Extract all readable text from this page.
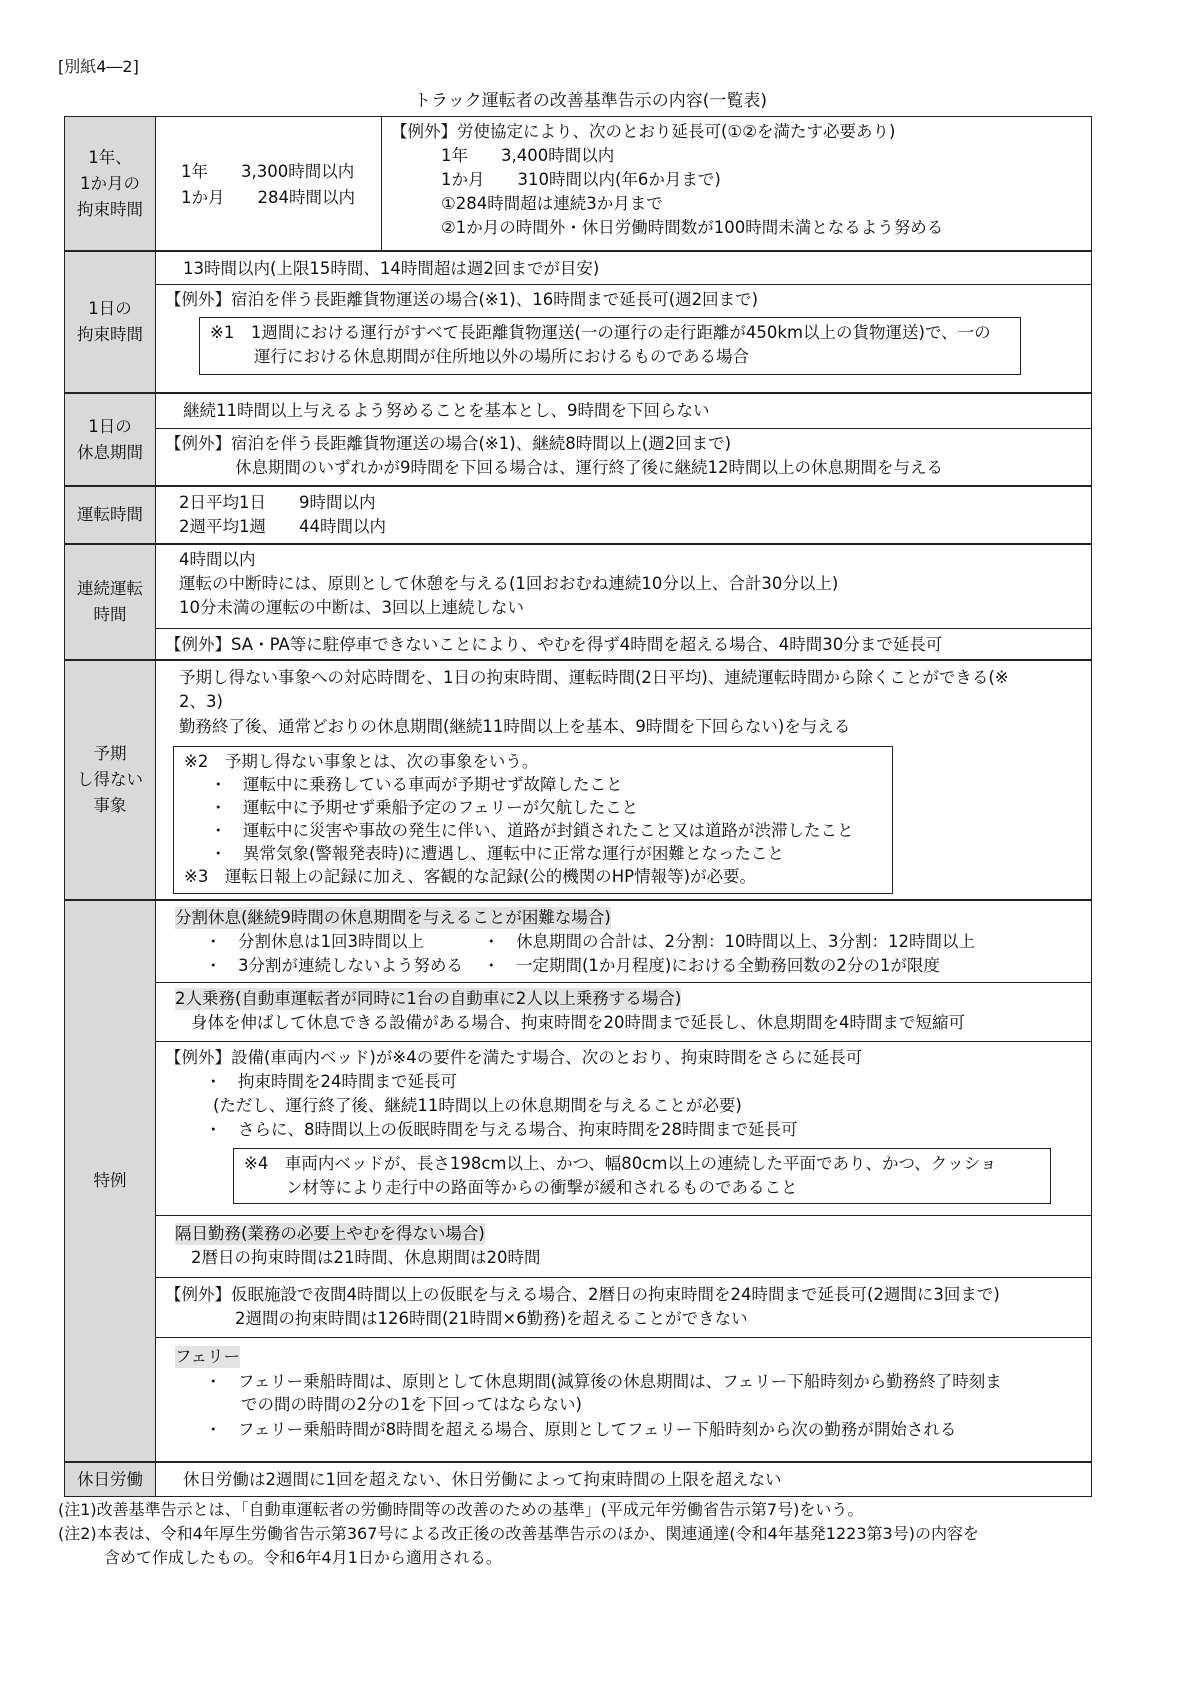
[別紙4―2]
トラック運転者の改善基準告示の内容(一覧表)
1年、
1か月の
拘束時間
1年　　3,300時間以内
1か月　　284時間以内
【例外】労使協定により、次のとおり延長可(①②を満たす必要あり)
1年　　3,400時間以内
1か月　　310時間以内(年6か月まで)
①284時間超は連続3か月まで
②1か月の時間外・休日労働時間数が100時間未満となるよう努める
1日の
拘束時間
13時間以内(上限15時間、14時間超は週2回までが目安)
【例外】宿泊を伴う長距離貨物運送の場合(※1)、16時間まで延長可(週2回まで)
※1　1週間における運行がすべて長距離貨物運送(一の運行の走行距離が450km以上の貨物運送)で、一の
運行における休息期間が住所地以外の場所におけるものである場合
1日の
休息期間
継続11時間以上与えるよう努めることを基本とし、9時間を下回らない
【例外】宿泊を伴う長距離貨物運送の場合(※1)、継続8時間以上(週2回まで)
休息期間のいずれかが9時間を下回る場合は、運行終了後に継続12時間以上の休息期間を与える
運転時間
2日平均1日　　9時間以内
2週平均1週　　44時間以内
連続運転
時間
4時間以内
運転の中断時には、原則として休憩を与える(1回おおむね連続10分以上、合計30分以上)
10分未満の運転の中断は、3回以上連続しない
【例外】SA・PA等に駐停車できないことにより、やむを得ず4時間を超える場合、4時間30分まで延長可
予期
し得ない
事象
予期し得ない事象への対応時間を、1日の拘束時間、運転時間(2日平均)、連続運転時間から除くことができる(※
2、3)
勤務終了後、通常どおりの休息期間(継続11時間以上を基本、9時間を下回らない)を与える
※2　予期し得ない事象とは、次の事象をいう。
・　運転中に乗務している車両が予期せず故障したこと
・　運転中に予期せず乗船予定のフェリーが欠航したこと
・　運転中に災害や事故の発生に伴い、道路が封鎖されたこと又は道路が渋滞したこと
・　異常気象(警報発表時)に遭遇し、運転中に正常な運行が困難となったこと
※3　運転日報上の記録に加え、客観的な記録(公的機関のHP情報等)が必要。
特例
分割休息(継続9時間の休息期間を与えることが困難な場合)
・　分割休息は1回3時間以上	・　休息期間の合計は、2分割：10時間以上、3分割：12時間以上
・　3分割が連続しないよう努める ・　一定期間(1か月程度)における全勤務回数の2分の1が限度
2人乗務(自動車運転者が同時に1台の自動車に2人以上乗務する場合)
身体を伸ばして休息できる設備がある場合、拘束時間を20時間まで延長し、休息期間を4時間まで短縮可
【例外】設備(車両内ベッド)が※4の要件を満たす場合、次のとおり、拘束時間をさらに延長可
・　拘束時間を24時間まで延長可
(ただし、運行終了後、継続11時間以上の休息期間を与えることが必要)
・　さらに、8時間以上の仮眠時間を与える場合、拘束時間を28時間まで延長可
※4　車両内ベッドが、長さ198cm以上、かつ、幅80cm以上の連続した平面であり、かつ、クッショ
ン材等により走行中の路面等からの衝撃が緩和されるものであること
隔日勤務(業務の必要上やむを得ない場合)
2暦日の拘束時間は21時間、休息期間は20時間
【例外】仮眠施設で夜間4時間以上の仮眠を与える場合、2暦日の拘束時間を24時間まで延長可(2週間に3回まで)
2週間の拘束時間は126時間(21時間×6勤務)を超えることができない
フェリー
・　フェリー乗船時間は、原則として休息期間(減算後の休息期間は、フェリー下船時刻から勤務終了時刻ま
での間の時間の2分の1を下回ってはならない)
・　フェリー乗船時間が8時間を超える場合、原則としてフェリー下船時刻から次の勤務が開始される
休日労働 休日労働は2週間に1回を超えない、休日労働によって拘束時間の上限を超えない
(注1)改善基準告示とは、「自動車運転者の労働時間等の改善のための基準」(平成元年労働省告示第7号)をいう。
(注2)本表は、令和4年厚生労働省告示第367号による改正後の改善基準告示のほか、関連通達(令和4年基発1223第3号)の内容を
含めて作成したもの。令和6年4月1日から適用される。
